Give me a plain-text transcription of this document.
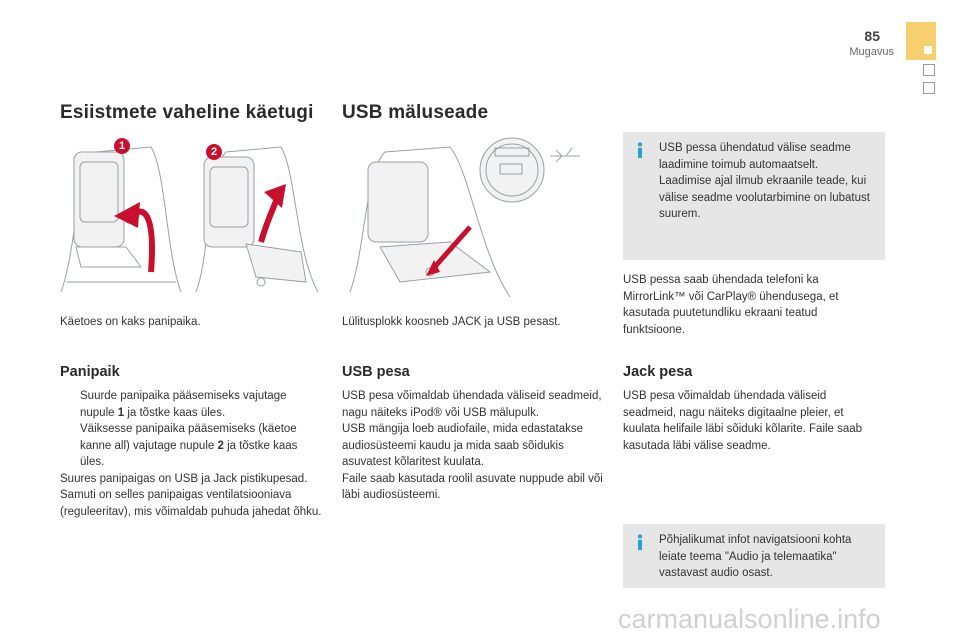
85
Mugavus
Esiistmete vaheline käetugi
1	2
Käetoes on kaks panipaika.
Panipaik
Suurde panipaika pääsemiseks vajutage nupule 1 ja tõstke kaas üles.
Väiksesse panipaika pääsemiseks (käetoe kanne all) vajutage nupule 2 ja tõstke kaas üles.
Suures panipaigas on USB ja Jack pistikupesad. Samuti on selles panipaigas ventilatsiooniava (reguleeritav), mis võimaldab puhuda jahedat õhku.
USB mäluseade
Lülitusplokk koosneb JACK ja USB pesast.
USB pesa
USB pesa võimaldab ühendada väliseid seadmeid, nagu näiteks iPod® või USB mälupulk.
USB mängija loeb audiofaile, mida edastatakse audiosüsteemi kaudu ja mida saab sõidukis asuvatest kõlaritest kuulata.
Faile saab kasutada roolil asuvate nuppude abil või läbi audiosüsteemi.
USB pessa ühendatud välise seadme laadimine toimub automaatselt. Laadimise ajal ilmub ekraanile teade, kui välise seadme voolutarbimine on lubatust suurem.
USB pessa saab ühendada telefoni ka MirrorLink™ või CarPlay® ühendusega, et kasutada puutetundliku ekraani teatud funktsioone.
Jack pesa
USB pesa võimaldab ühendada väliseid seadmeid, nagu näiteks digitaalne pleier, et kuulata helifaile läbi sõiduki kõlarite. Faile saab kasutada läbi välise seadme.
Põhjalikumat infot navigatsiooni kohta leiate teema "Audio ja telemaatika" vastavast audio osast.
carmanualsonline.info
